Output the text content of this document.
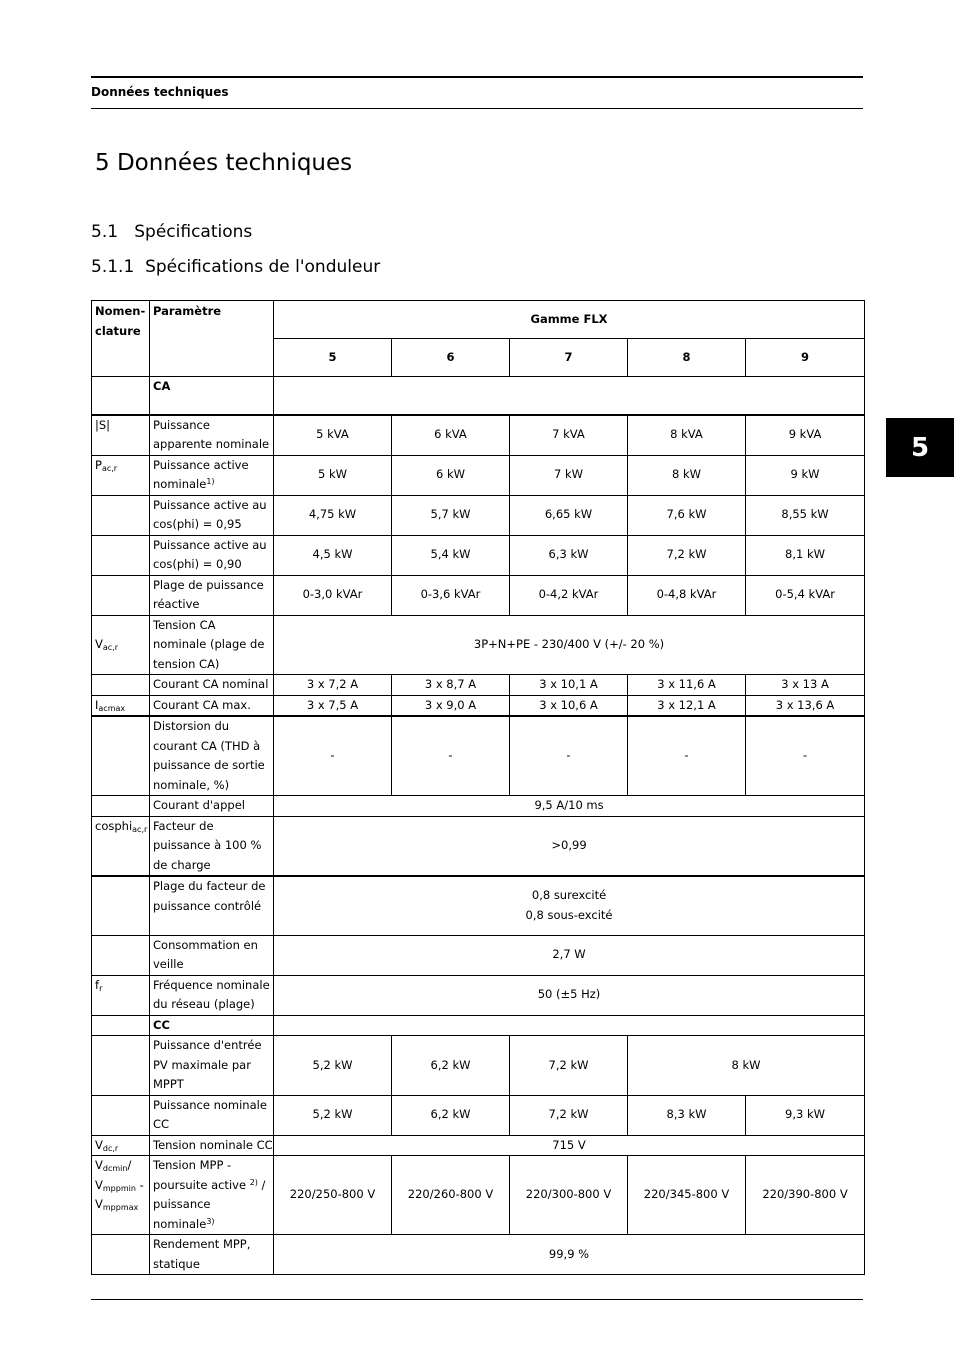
Données techniques
5 Données techniques
5.1   Spécifications
5.1.1  Spécifications de l'onduleur
5
Nomen-clature	Paramètre	Gamme FLX				
		5	6	7	8	9
	CA					
|S|	Puissance apparente nominale	5 kVA	6 kVA	7 kVA	8 kVA	9 kVA
$P_{ac,r}$	Puissance active nominale$^{1)}$	5 kW	6 kW	7 kW	8 kW	9 kW
	Puissance active au cos(phi) = 0,95	4,75 kW	5,7 kW	6,65 kW	7,6 kW	8,55 kW
	Puissance active au cos(phi) = 0,90	4,5 kW	5,4 kW	6,3 kW	7,2 kW	8,1 kW
	Plage de puissance réactive	0-3,0 kVAr	0-3,6 kVAr	0-4,2 kVAr	0-4,8 kVAr	0-5,4 kVAr
$V_{ac,r}$	Tension CA nominale (plage de tension CA)	3P+N+PE - 230/400 V (+/- 20 %)				
	Courant CA nominal	3 x 7,2 A	3 x 8,7 A	3 x 10,1 A	3 x 11,6 A	3 x 13 A
$I_{acmax}$	Courant CA max.	3 x 7,5 A	3 x 9,0 A	3 x 10,6 A	3 x 12,1 A	3 x 13,6 A
	Distorsion du courant CA (THD à puissance de sortie nominale, %)	-	-	-	-	-
	Courant d'appel	9,5 A/10 ms				
cosphi$_{ac,r}$	Facteur de puissance à 100 % de charge	>0,99				
	Plage du facteur de puissance contrôlé	0,8 surexcité
0,8 sous-excité				

	Consommation en veille	2,7 W				
$f_r$	Fréquence nominale du réseau (plage)	50 (±5 Hz)				
	CC					
	Puissance d'entrée PV maximale par MPPT	5,2 kW	6,2 kW	7,2 kW	8 kW	
	Puissance nominale CC	5,2 kW	6,2 kW	7,2 kW	8,3 kW	9,3 kW
$V_{dc,r}$	Tension nominale CC	715 V				

$V_{dcmin}/$
$V_{mppmin}$ -
$V_{mppmax}$	Tension MPP - poursuite active $^{2)}$ / puissance nominale$^{3)}$	220/250-800 V	220/260-800 V	220/300-800 V	220/345-800 V	220/390-800 V
	Rendement MPP, statique	99,9 %				
